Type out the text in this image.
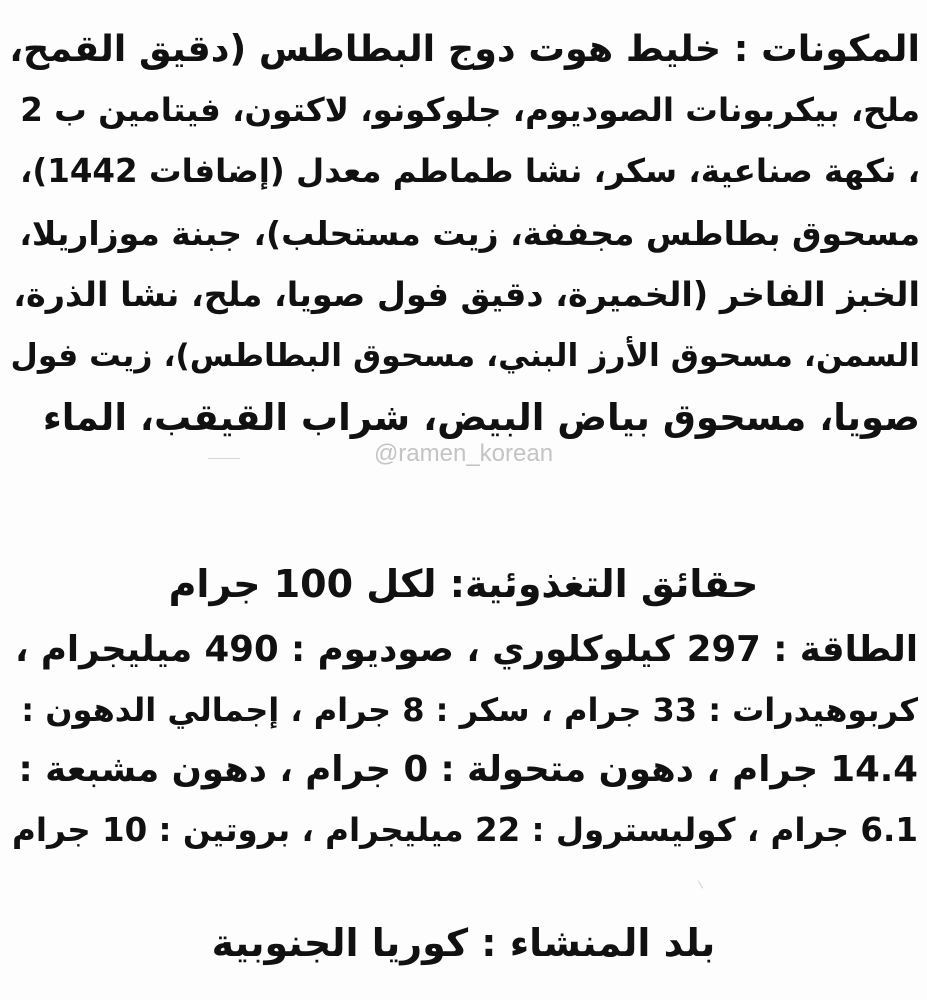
المكونات : خليط هوت دوج البطاطس (دقيق القمح،
ملح، بيكربونات الصوديوم، جلوكونو، لاكتون، فيتامين ب 2
، نكهة صناعية، سكر، نشا طماطم معدل (إضافات 1442)،
مسحوق بطاطس مجففة، زيت مستحلب)، جبنة موزاريلا،
الخبز الفاخر (الخميرة، دقيق فول صويا، ملح، نشا الذرة،
السمن، مسحوق الأرز البني، مسحوق البطاطس)، زيت فول
صويا، مسحوق بياض البيض، شراب القيقب، الماء
@ramen_korean
حقائق التغذوئية: لكل 100 جرام
الطاقة : 297 كيلوكلوري ، صوديوم : 490 ميليجرام ،
كربوهيدرات : 33 جرام ، سكر : 8 جرام ، إجمالي الدهون :
14.4 جرام ، دهون متحولة : 0 جرام ، دهون مشبعة :
6.1 جرام ، كوليسترول : 22 ميليجرام ، بروتين : 10 جرام
بلد المنشاء : كوريا الجنوبية
